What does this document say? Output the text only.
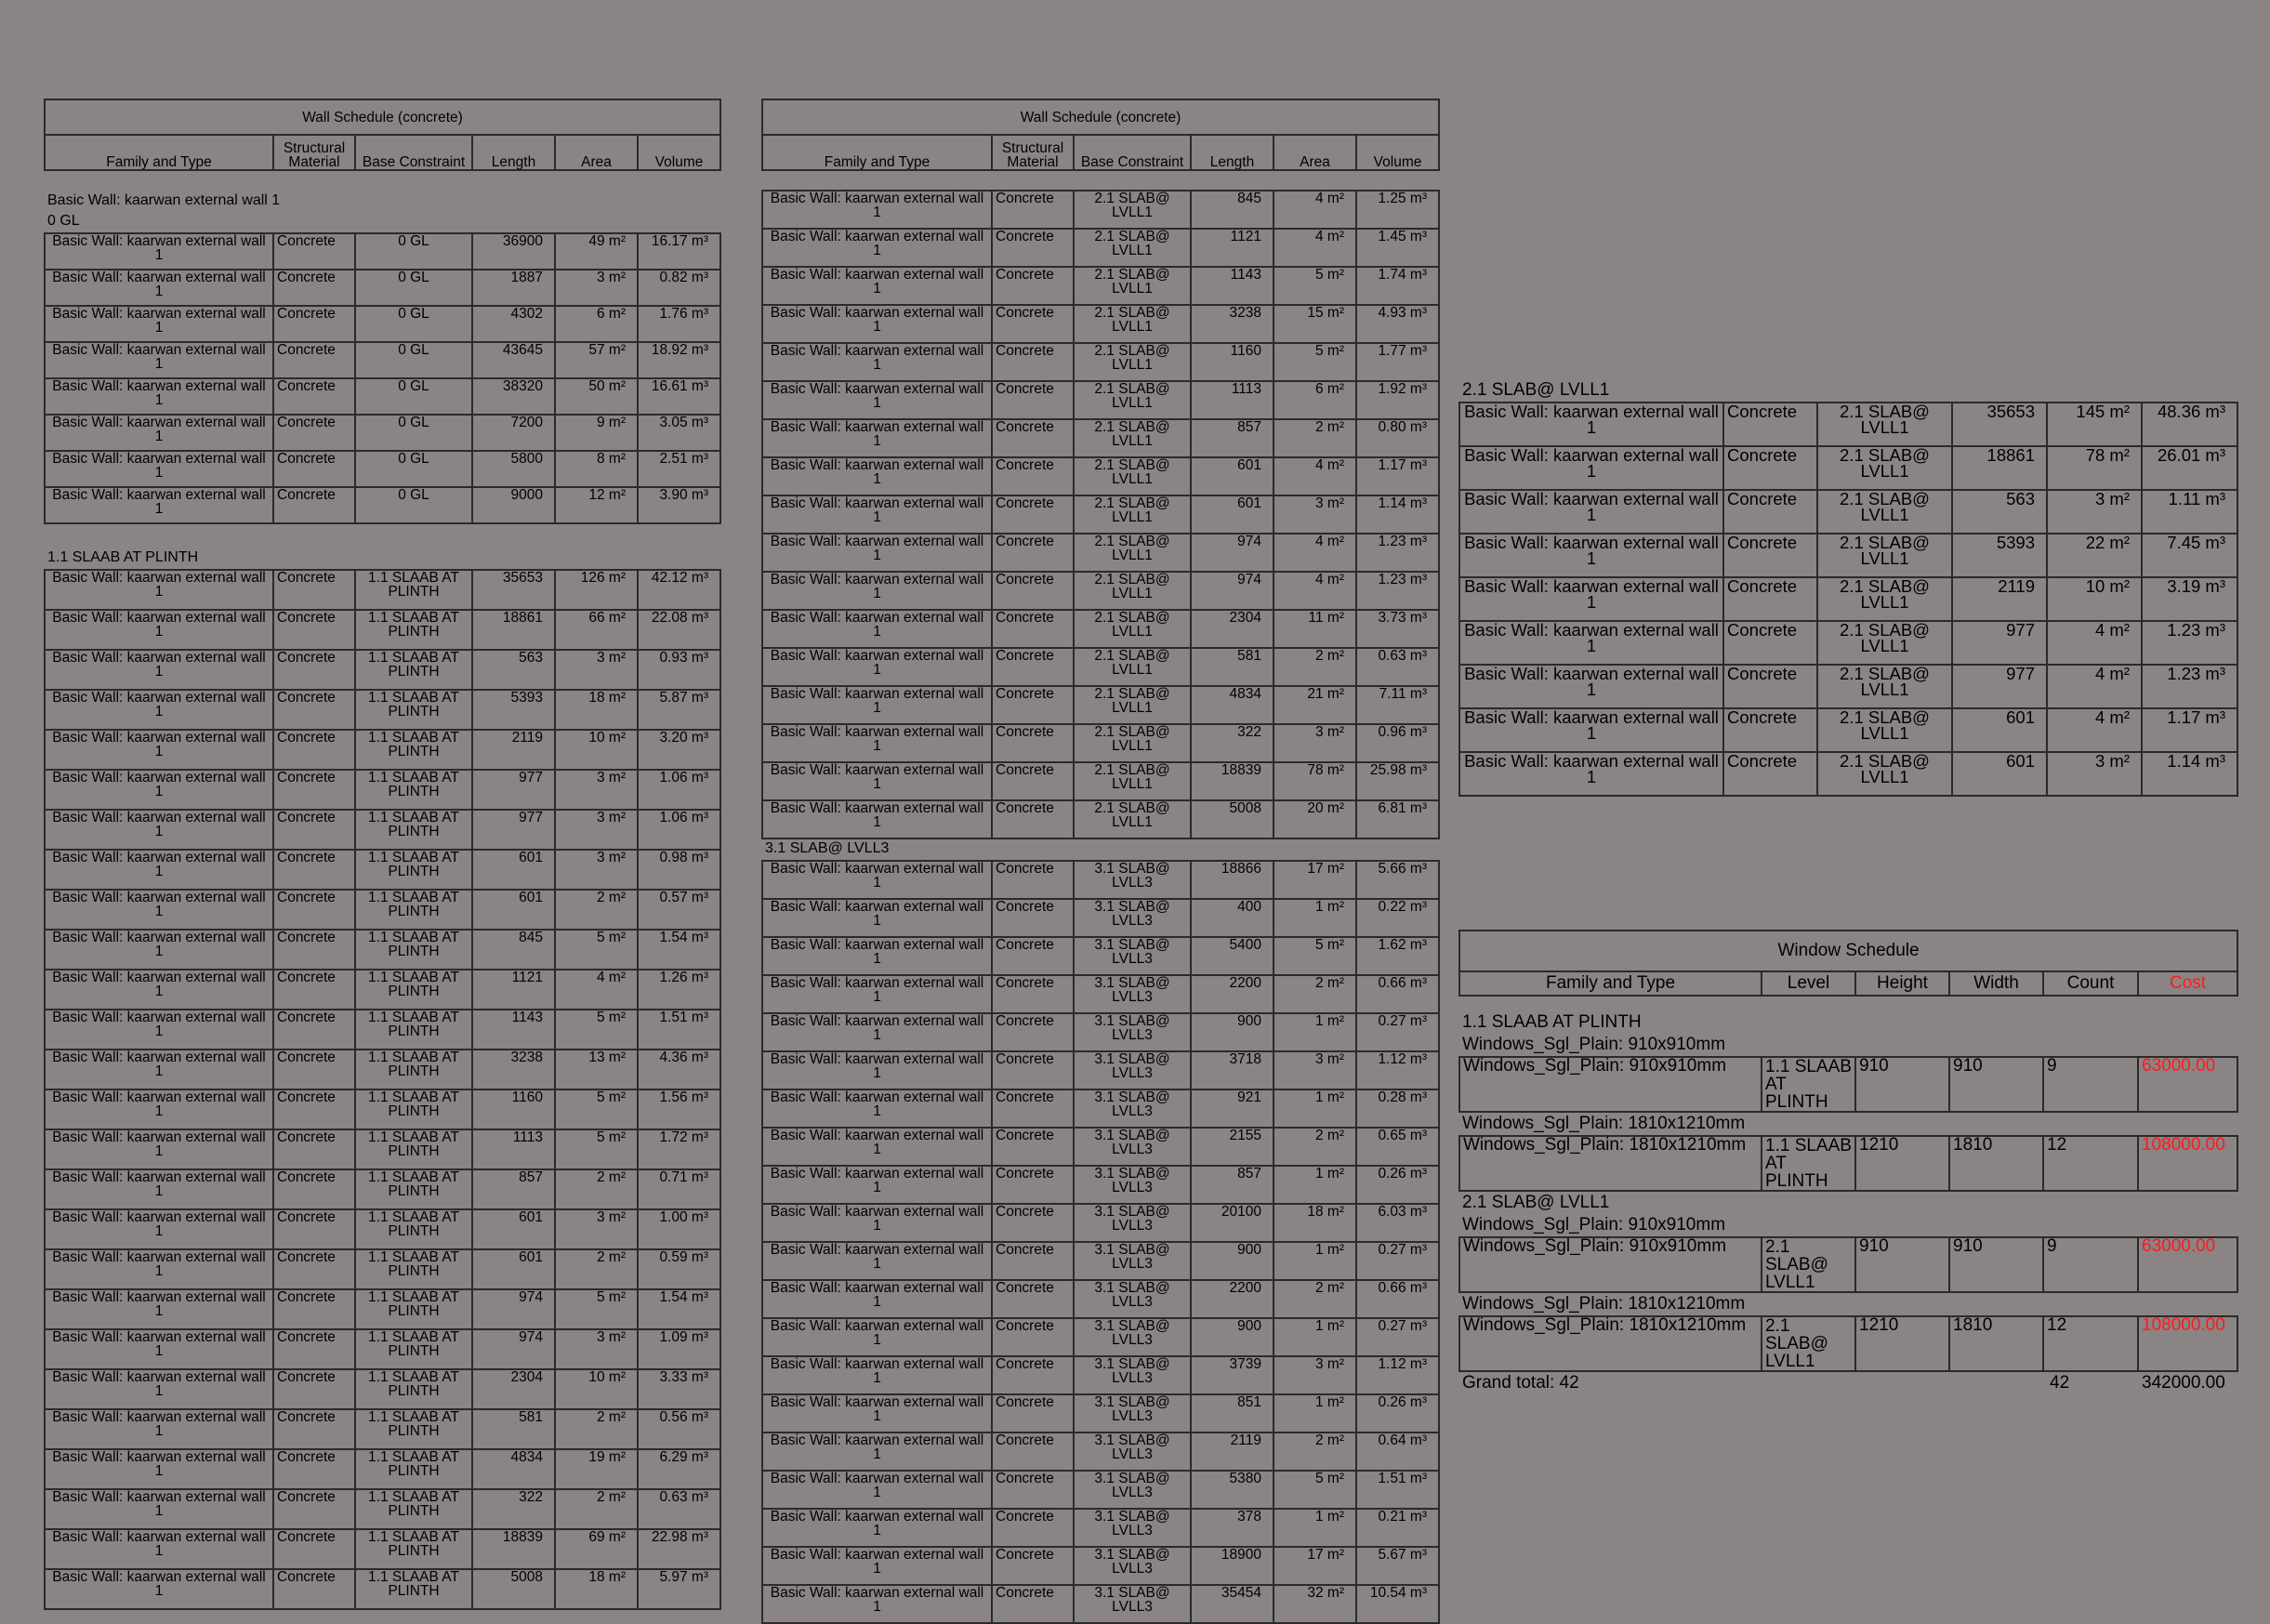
Wall Schedule (concrete)
Family and Type	Structural Material	Base Constraint	Length	Area	Volume
Basic Wall: kaarwan external wall 1
0 GL
Basic Wall: kaarwan external wall 1	Concrete	0 GL	36900	49 m²	16.17 m³
Basic Wall: kaarwan external wall 1	Concrete	0 GL	1887	3 m²	0.82 m³
Basic Wall: kaarwan external wall 1	Concrete	0 GL	4302	6 m²	1.76 m³
Basic Wall: kaarwan external wall 1	Concrete	0 GL	43645	57 m²	18.92 m³
Basic Wall: kaarwan external wall 1	Concrete	0 GL	38320	50 m²	16.61 m³
Basic Wall: kaarwan external wall 1	Concrete	0 GL	7200	9 m²	3.05 m³
Basic Wall: kaarwan external wall 1	Concrete	0 GL	5800	8 m²	2.51 m³
Basic Wall: kaarwan external wall 1	Concrete	0 GL	9000	12 m²	3.90 m³
1.1 SLAAB AT PLINTH
Basic Wall: kaarwan external wall 1	Concrete	1.1 SLAAB AT PLINTH	35653	126 m²	42.12 m³
Basic Wall: kaarwan external wall 1	Concrete	1.1 SLAAB AT PLINTH	18861	66 m²	22.08 m³
Basic Wall: kaarwan external wall 1	Concrete	1.1 SLAAB AT PLINTH	563	3 m²	0.93 m³
Basic Wall: kaarwan external wall 1	Concrete	1.1 SLAAB AT PLINTH	5393	18 m²	5.87 m³
Basic Wall: kaarwan external wall 1	Concrete	1.1 SLAAB AT PLINTH	2119	10 m²	3.20 m³
Basic Wall: kaarwan external wall 1	Concrete	1.1 SLAAB AT PLINTH	977	3 m²	1.06 m³
Basic Wall: kaarwan external wall 1	Concrete	1.1 SLAAB AT PLINTH	977	3 m²	1.06 m³
Basic Wall: kaarwan external wall 1	Concrete	1.1 SLAAB AT PLINTH	601	3 m²	0.98 m³
Basic Wall: kaarwan external wall 1	Concrete	1.1 SLAAB AT PLINTH	601	2 m²	0.57 m³
Basic Wall: kaarwan external wall 1	Concrete	1.1 SLAAB AT PLINTH	845	5 m²	1.54 m³
Basic Wall: kaarwan external wall 1	Concrete	1.1 SLAAB AT PLINTH	1121	4 m²	1.26 m³
Basic Wall: kaarwan external wall 1	Concrete	1.1 SLAAB AT PLINTH	1143	5 m²	1.51 m³
Basic Wall: kaarwan external wall 1	Concrete	1.1 SLAAB AT PLINTH	3238	13 m²	4.36 m³
Basic Wall: kaarwan external wall 1	Concrete	1.1 SLAAB AT PLINTH	1160	5 m²	1.56 m³
Basic Wall: kaarwan external wall 1	Concrete	1.1 SLAAB AT PLINTH	1113	5 m²	1.72 m³
Basic Wall: kaarwan external wall 1	Concrete	1.1 SLAAB AT PLINTH	857	2 m²	0.71 m³
Basic Wall: kaarwan external wall 1	Concrete	1.1 SLAAB AT PLINTH	601	3 m²	1.00 m³
Basic Wall: kaarwan external wall 1	Concrete	1.1 SLAAB AT PLINTH	601	2 m²	0.59 m³
Basic Wall: kaarwan external wall 1	Concrete	1.1 SLAAB AT PLINTH	974	5 m²	1.54 m³
Basic Wall: kaarwan external wall 1	Concrete	1.1 SLAAB AT PLINTH	974	3 m²	1.09 m³
Basic Wall: kaarwan external wall 1	Concrete	1.1 SLAAB AT PLINTH	2304	10 m²	3.33 m³
Basic Wall: kaarwan external wall 1	Concrete	1.1 SLAAB AT PLINTH	581	2 m²	0.56 m³
Basic Wall: kaarwan external wall 1	Concrete	1.1 SLAAB AT PLINTH	4834	19 m²	6.29 m³
Basic Wall: kaarwan external wall 1	Concrete	1.1 SLAAB AT PLINTH	322	2 m²	0.63 m³
Basic Wall: kaarwan external wall 1	Concrete	1.1 SLAAB AT PLINTH	18839	69 m²	22.98 m³
Basic Wall: kaarwan external wall 1	Concrete	1.1 SLAAB AT PLINTH	5008	18 m²	5.97 m³
Wall Schedule (concrete)
Family and Type	Structural Material	Base Constraint	Length	Area	Volume
Basic Wall: kaarwan external wall 1	Concrete	2.1 SLAB@ LVLL1	845	4 m²	1.25 m³
Basic Wall: kaarwan external wall 1	Concrete	2.1 SLAB@ LVLL1	1121	4 m²	1.45 m³
Basic Wall: kaarwan external wall 1	Concrete	2.1 SLAB@ LVLL1	1143	5 m²	1.74 m³
Basic Wall: kaarwan external wall 1	Concrete	2.1 SLAB@ LVLL1	3238	15 m²	4.93 m³
Basic Wall: kaarwan external wall 1	Concrete	2.1 SLAB@ LVLL1	1160	5 m²	1.77 m³
Basic Wall: kaarwan external wall 1	Concrete	2.1 SLAB@ LVLL1	1113	6 m²	1.92 m³
Basic Wall: kaarwan external wall 1	Concrete	2.1 SLAB@ LVLL1	857	2 m²	0.80 m³
Basic Wall: kaarwan external wall 1	Concrete	2.1 SLAB@ LVLL1	601	4 m²	1.17 m³
Basic Wall: kaarwan external wall 1	Concrete	2.1 SLAB@ LVLL1	601	3 m²	1.14 m³
Basic Wall: kaarwan external wall 1	Concrete	2.1 SLAB@ LVLL1	974	4 m²	1.23 m³
Basic Wall: kaarwan external wall 1	Concrete	2.1 SLAB@ LVLL1	974	4 m²	1.23 m³
Basic Wall: kaarwan external wall 1	Concrete	2.1 SLAB@ LVLL1	2304	11 m²	3.73 m³
Basic Wall: kaarwan external wall 1	Concrete	2.1 SLAB@ LVLL1	581	2 m²	0.63 m³
Basic Wall: kaarwan external wall 1	Concrete	2.1 SLAB@ LVLL1	4834	21 m²	7.11 m³
Basic Wall: kaarwan external wall 1	Concrete	2.1 SLAB@ LVLL1	322	3 m²	0.96 m³
Basic Wall: kaarwan external wall 1	Concrete	2.1 SLAB@ LVLL1	18839	78 m²	25.98 m³
Basic Wall: kaarwan external wall 1	Concrete	2.1 SLAB@ LVLL1	5008	20 m²	6.81 m³
3.1 SLAB@ LVLL3
Basic Wall: kaarwan external wall 1	Concrete	3.1 SLAB@ LVLL3	18866	17 m²	5.66 m³
Basic Wall: kaarwan external wall 1	Concrete	3.1 SLAB@ LVLL3	400	1 m²	0.22 m³
Basic Wall: kaarwan external wall 1	Concrete	3.1 SLAB@ LVLL3	5400	5 m²	1.62 m³
Basic Wall: kaarwan external wall 1	Concrete	3.1 SLAB@ LVLL3	2200	2 m²	0.66 m³
Basic Wall: kaarwan external wall 1	Concrete	3.1 SLAB@ LVLL3	900	1 m²	0.27 m³
Basic Wall: kaarwan external wall 1	Concrete	3.1 SLAB@ LVLL3	3718	3 m²	1.12 m³
Basic Wall: kaarwan external wall 1	Concrete	3.1 SLAB@ LVLL3	921	1 m²	0.28 m³
Basic Wall: kaarwan external wall 1	Concrete	3.1 SLAB@ LVLL3	2155	2 m²	0.65 m³
Basic Wall: kaarwan external wall 1	Concrete	3.1 SLAB@ LVLL3	857	1 m²	0.26 m³
Basic Wall: kaarwan external wall 1	Concrete	3.1 SLAB@ LVLL3	20100	18 m²	6.03 m³
Basic Wall: kaarwan external wall 1	Concrete	3.1 SLAB@ LVLL3	900	1 m²	0.27 m³
Basic Wall: kaarwan external wall 1	Concrete	3.1 SLAB@ LVLL3	2200	2 m²	0.66 m³
Basic Wall: kaarwan external wall 1	Concrete	3.1 SLAB@ LVLL3	900	1 m²	0.27 m³
Basic Wall: kaarwan external wall 1	Concrete	3.1 SLAB@ LVLL3	3739	3 m²	1.12 m³
Basic Wall: kaarwan external wall 1	Concrete	3.1 SLAB@ LVLL3	851	1 m²	0.26 m³
Basic Wall: kaarwan external wall 1	Concrete	3.1 SLAB@ LVLL3	2119	2 m²	0.64 m³
Basic Wall: kaarwan external wall 1	Concrete	3.1 SLAB@ LVLL3	5380	5 m²	1.51 m³
Basic Wall: kaarwan external wall 1	Concrete	3.1 SLAB@ LVLL3	378	1 m²	0.21 m³
Basic Wall: kaarwan external wall 1	Concrete	3.1 SLAB@ LVLL3	18900	17 m²	5.67 m³
Basic Wall: kaarwan external wall 1	Concrete	3.1 SLAB@ LVLL3	35454	32 m²	10.54 m³
2.1 SLAB@ LVLL1
Basic Wall: kaarwan external wall 1	Concrete	2.1 SLAB@ LVLL1	35653	145 m²	48.36 m³
Basic Wall: kaarwan external wall 1	Concrete	2.1 SLAB@ LVLL1	18861	78 m²	26.01 m³
Basic Wall: kaarwan external wall 1	Concrete	2.1 SLAB@ LVLL1	563	3 m²	1.11 m³
Basic Wall: kaarwan external wall 1	Concrete	2.1 SLAB@ LVLL1	5393	22 m²	7.45 m³
Basic Wall: kaarwan external wall 1	Concrete	2.1 SLAB@ LVLL1	2119	10 m²	3.19 m³
Basic Wall: kaarwan external wall 1	Concrete	2.1 SLAB@ LVLL1	977	4 m²	1.23 m³
Basic Wall: kaarwan external wall 1	Concrete	2.1 SLAB@ LVLL1	977	4 m²	1.23 m³
Basic Wall: kaarwan external wall 1	Concrete	2.1 SLAB@ LVLL1	601	4 m²	1.17 m³
Basic Wall: kaarwan external wall 1	Concrete	2.1 SLAB@ LVLL1	601	3 m²	1.14 m³
Window Schedule
Family and Type	Level	Height	Width	Count	Cost
1.1 SLAAB AT PLINTH
Windows_Sgl_Plain: 910x910mm
Windows_Sgl_Plain: 910x910mm	1.1 SLAAB AT PLINTH	910	910	9	63000.00
Windows_Sgl_Plain: 1810x1210mm
Windows_Sgl_Plain: 1810x1210mm	1.1 SLAAB AT PLINTH	1210	1810	12	108000.00
2.1 SLAB@ LVLL1
Windows_Sgl_Plain: 910x910mm
Windows_Sgl_Plain: 910x910mm	2.1 SLAB@ LVLL1	910	910	9	63000.00
Windows_Sgl_Plain: 1810x1210mm
Windows_Sgl_Plain: 1810x1210mm	2.1 SLAB@ LVLL1	1210	1810	12	108000.00
Grand total: 42	42	342000.00
